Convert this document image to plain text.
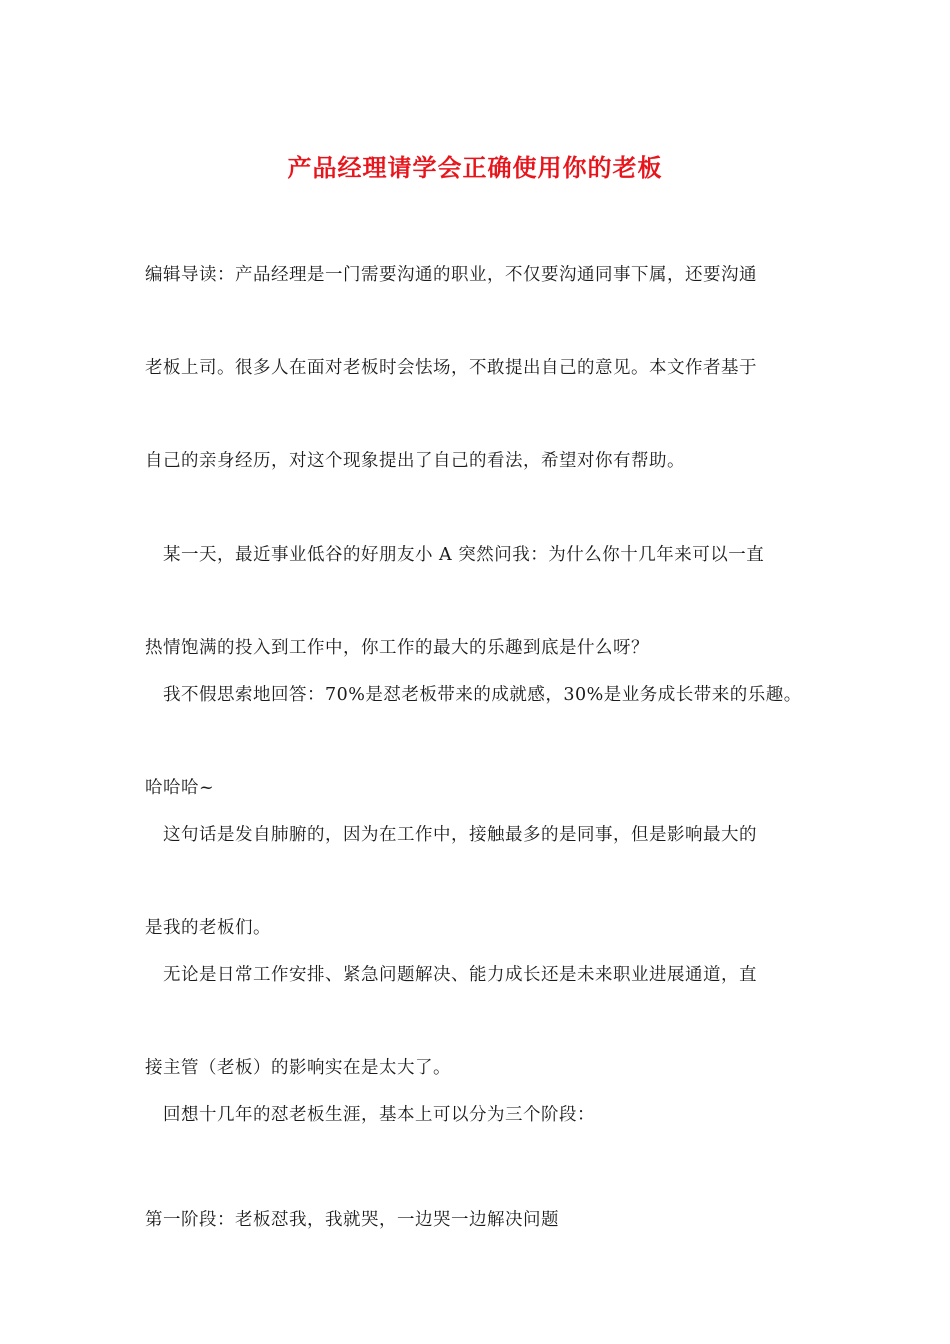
产品经理请学会正确使用你的老板

编辑导读：产品经理是一门需要沟通的职业，不仅要沟通同事下属，还要沟通

老板上司。很多人在面对老板时会怯场，不敢提出自己的意见。本文作者基于

自己的亲身经历，对这个现象提出了自己的看法，希望对你有帮助。

　某一天，最近事业低谷的好朋友小 A 突然问我：为什么你十几年来可以一直

热情饱满的投入到工作中，你工作的最大的乐趣到底是什么呀？

　我不假思索地回答：70%是怼老板带来的成就感，30%是业务成长带来的乐趣。

哈哈哈~

　这句话是发自肺腑的，因为在工作中，接触最多的是同事，但是影响最大的

是我的老板们。

　无论是日常工作安排、紧急问题解决、能力成长还是未来职业进展通道，直

接主管（老板）的影响实在是太大了。

　回想十几年的怼老板生涯，基本上可以分为三个阶段：

第一阶段：老板怼我，我就哭，一边哭一边解决问题
